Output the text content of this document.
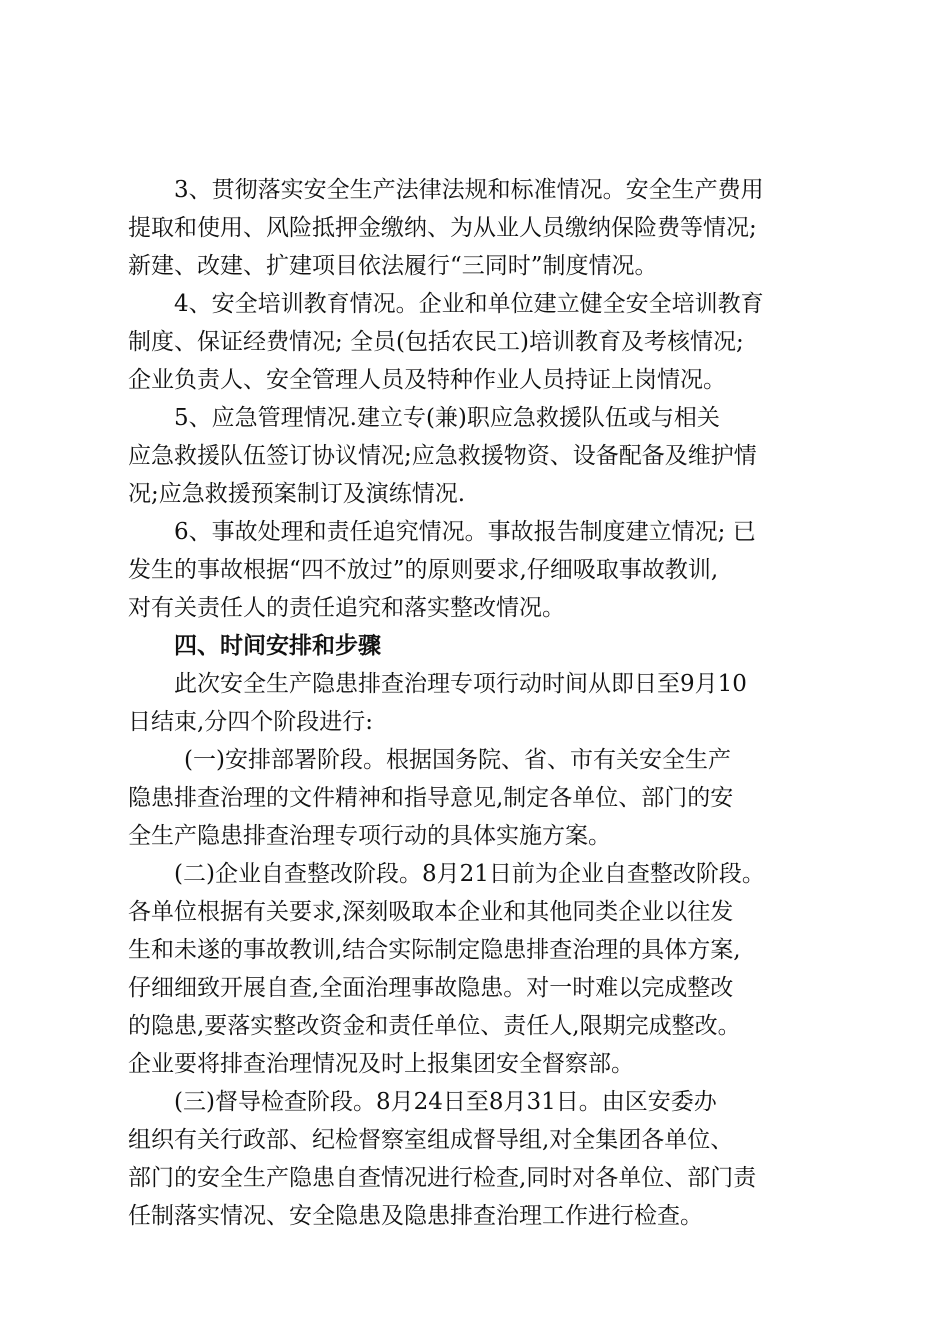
3、贯彻落实安全生产法律法规和标准情况。安全生产费用
提取和使用、风险抵押金缴纳、为从业人员缴纳保险费等情况;
新建、改建、扩建项目依法履行“三同时”制度情况。
4、安全培训教育情况。企业和单位建立健全安全培训教育
制度、保证经费情况; 全员(包括农民工)培训教育及考核情况;
企业负责人、安全管理人员及特种作业人员持证上岗情况。
5、应急管理情况.建立专(兼)职应急救援队伍或与相关
应急救援队伍签订协议情况;应急救援物资、设备配备及维护情
况;应急救援预案制订及演练情况.
6、事故处理和责任追究情况。事故报告制度建立情况; 已
发生的事故根据“四不放过”的原则要求,仔细吸取事故教训,
对有关责任人的责任追究和落实整改情况。
四、时间安排和步骤
此次安全生产隐患排查治理专项行动时间从即日至9月10
日结束,分四个阶段进行:
(一)安排部署阶段。根据国务院、省、市有关安全生产
隐患排查治理的文件精神和指导意见,制定各单位、部门的安
全生产隐患排查治理专项行动的具体实施方案。
(二)企业自查整改阶段。8月21日前为企业自查整改阶段。
各单位根据有关要求,深刻吸取本企业和其他同类企业以往发
生和未遂的事故教训,结合实际制定隐患排查治理的具体方案,
仔细细致开展自查,全面治理事故隐患。对一时难以完成整改
的隐患,要落实整改资金和责任单位、责任人,限期完成整改。
企业要将排查治理情况及时上报集团安全督察部。
(三)督导检查阶段。8月24日至8月31日。由区安委办
组织有关行政部、纪检督察室组成督导组,对全集团各单位、
部门的安全生产隐患自查情况进行检查,同时对各单位、部门责
任制落实情况、安全隐患及隐患排查治理工作进行检查。
